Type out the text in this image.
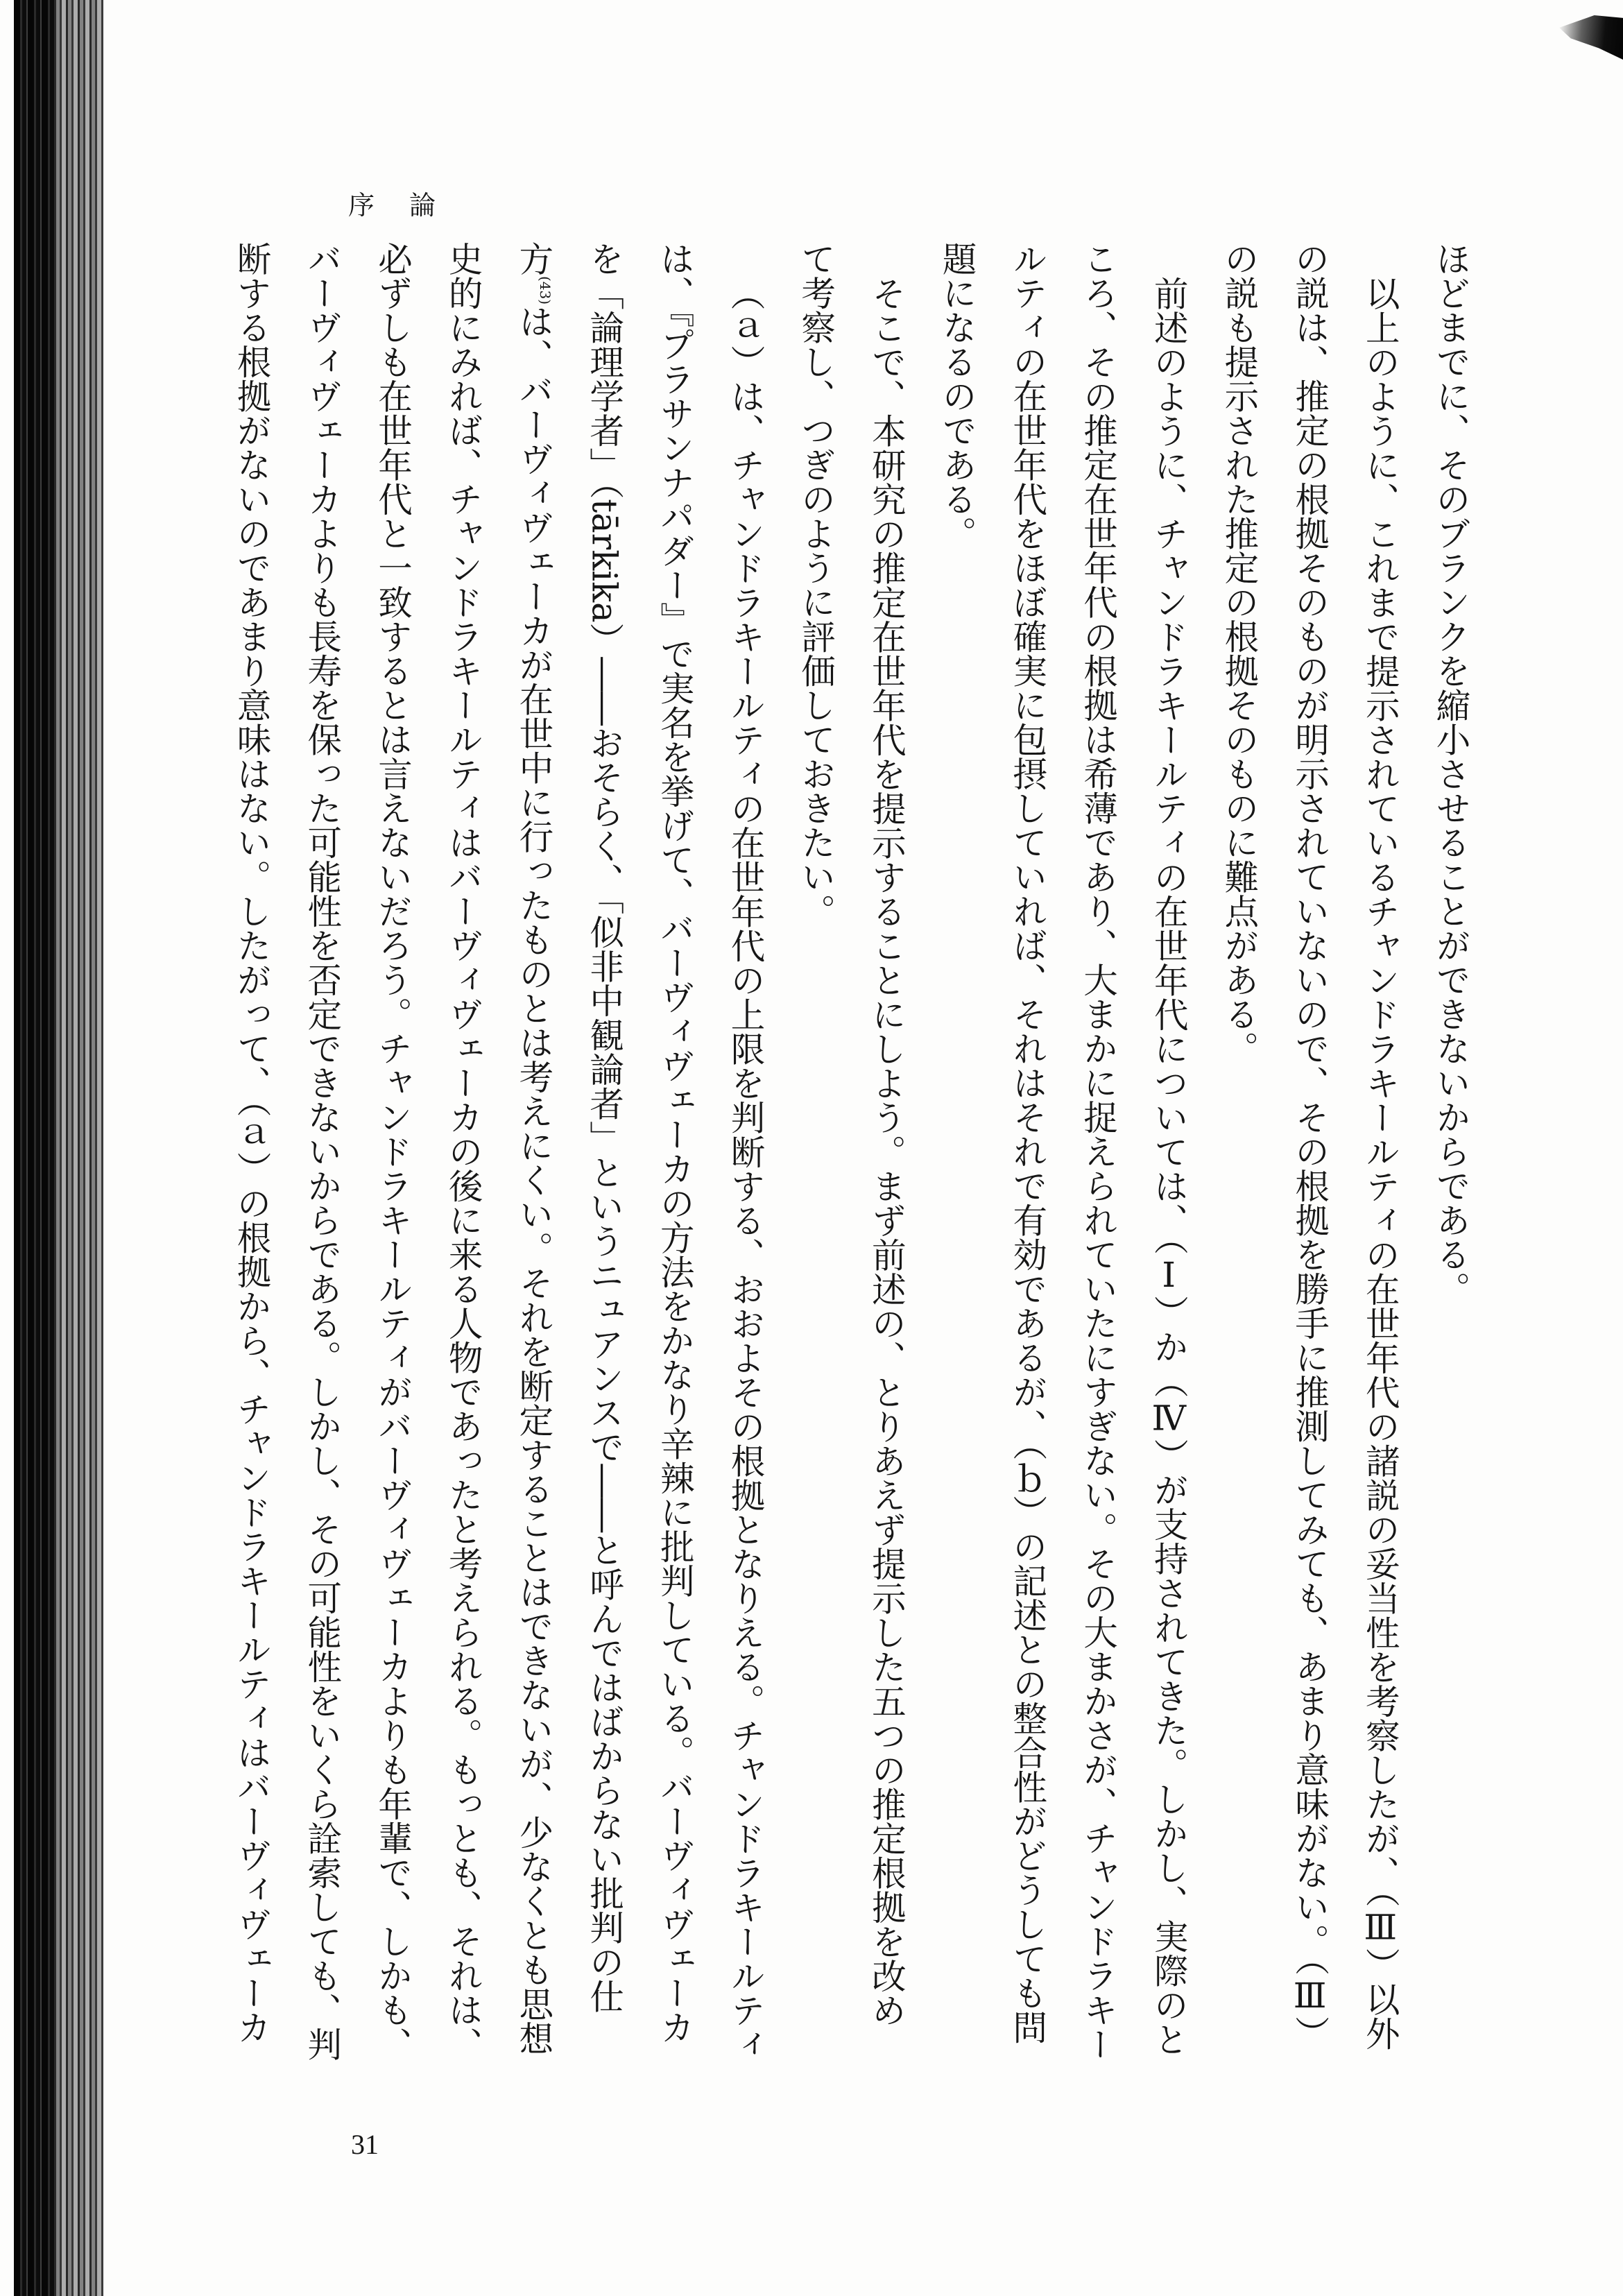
序論
ほどまでに、そのブランクを縮小させることができないからである。
以上のように、これまで提示されているチャンドラキールティの在世年代の諸説の妥当性を考察したが、（Ⅲ）以外
の説は、推定の根拠そのものが明示されていないので、その根拠を勝手に推測してみても、あまり意味がない。（Ⅲ）
の説も提示された推定の根拠そのものに難点がある。
前述のように、チャンドラキールティの在世年代については、（Ⅰ）か（Ⅳ）が支持されてきた。しかし、実際のと
ころ、その推定在世年代の根拠は希薄であり、大まかに捉えられていたにすぎない。その大まかさが、チャンドラキー
ルティの在世年代をほぼ確実に包摂していれば、それはそれで有効であるが、（ｂ）の記述との整合性がどうしても問
題になるのである。
そこで、本研究の推定在世年代を提示することにしよう。まず前述の、とりあえず提示した五つの推定根拠を改め
て考察し、つぎのように評価しておきたい。
（ａ）は、チャンドラキールティの在世年代の上限を判断する、おおよその根拠となりえる。チャンドラキールティ
は、『プラサンナパダー』で実名を挙げて、バーヴィヴェーカの方法をかなり辛辣に批判している。バーヴィヴェーカ
を「論理学者」（tārkika）――おそらく、「似非中観論者」というニュアンスで――と呼んではばからない批判の仕
方(43)は、バーヴィヴェーカが在世中に行ったものとは考えにくい。それを断定することはできないが、少なくとも思想
史的にみれば、チャンドラキールティはバーヴィヴェーカの後に来る人物であったと考えられる。もっとも、それは、
必ずしも在世年代と一致するとは言えないだろう。チャンドラキールティがバーヴィヴェーカよりも年輩で、しかも、
バーヴィヴェーカよりも長寿を保った可能性を否定できないからである。しかし、その可能性をいくら詮索しても、判
断する根拠がないのであまり意味はない。したがって、（ａ）の根拠から、チャンドラキールティはバーヴィヴェーカ
31
